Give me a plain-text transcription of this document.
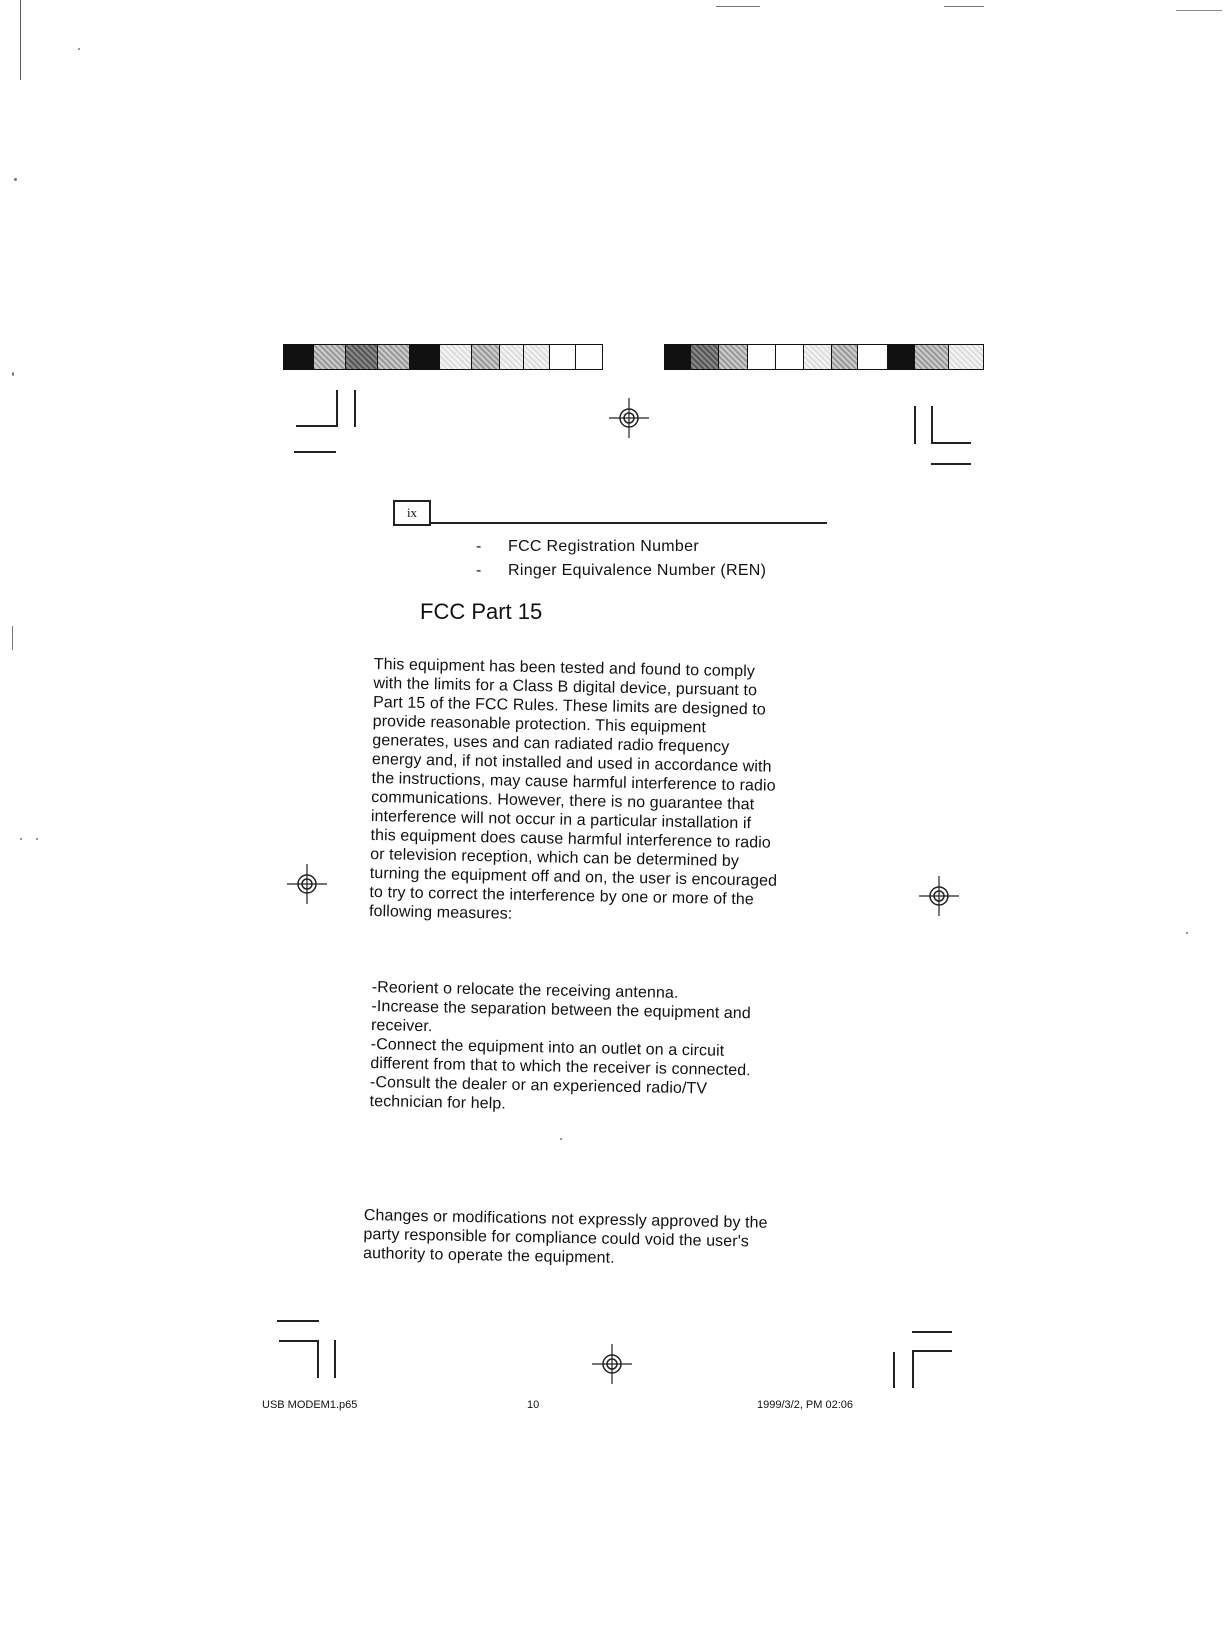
ix
- FCC Registration Number
- Ringer Equivalence Number (REN)
FCC Part 15
This equipment has been tested and found to comply
with the limits for a Class B digital device, pursuant to
Part 15 of the FCC Rules. These limits are designed to
provide reasonable protection. This equipment
generates, uses and can radiated radio frequency
energy and, if not installed and used in accordance with
the instructions, may cause harmful interference to radio
communications. However, there is no guarantee that
interference will not occur in a particular installation if
this equipment does cause harmful interference to radio
or television reception, which can be determined by
turning the equipment off and on, the user is encouraged
to try to correct the interference by one or more of the
following measures:
-Reorient o relocate the receiving antenna.
-Increase the separation between the equipment and
receiver.
-Connect the equipment into an outlet on a circuit
different from that to which the receiver is connected.
-Consult the dealer or an experienced radio/TV
technician for help.
Changes or modifications not expressly approved by the
party responsible for compliance could void the user's
authority to operate the equipment.
USB MODEM1.p65	10	1999/3/2, PM 02:06
